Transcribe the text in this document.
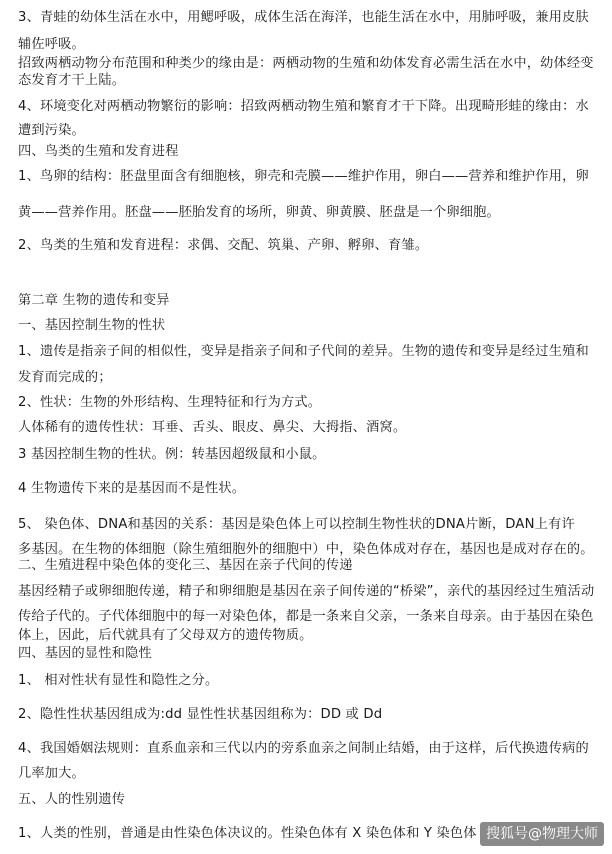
3、青蛙的幼体生活在水中，用鳃呼吸，成体生活在海洋，也能生活在水中，用肺呼吸，兼用皮肤
辅佐呼吸。
招致两栖动物分布范围和种类少的缘由是：两栖动物的生殖和幼体发育必需生活在水中，幼体经变
态发育才干上陆。
4、环境变化对两栖动物繁衍的影响：招致两栖动物生殖和繁育才干下降。出现畸形蛙的缘由：水
遭到污染。
四、鸟类的生殖和发育进程
1、鸟卵的结构：胚盘里面含有细胞核，卵壳和壳膜——维护作用，卵白——营养和维护作用，卵
黄——营养作用。胚盘——胚胎发育的场所，卵黄、卵黄膜、胚盘是一个卵细胞。
2、鸟类的生殖和发育进程：求偶、交配、筑巢、产卵、孵卵、育雏。
第二章 生物的遗传和变异
一、基因控制生物的性状
1、遗传是指亲子间的相似性，变异是指亲子间和子代间的差异。生物的遗传和变异是经过生殖和
发育而完成的；
2、性状：生物的外形结构、生理特征和行为方式。
人体稀有的遗传性状：耳垂、舌头、眼皮、鼻尖、大拇指、酒窝。
3 基因控制生物的性状。例：转基因超级鼠和小鼠。
4 生物遗传下来的是基因而不是性状。
5、 染色体、DNA和基因的关系：基因是染色体上可以控制生物性状的DNA片断，DAN上有许
多基因。在生物的体细胞（除生殖细胞外的细胞中）中，染色体成对存在，基因也是成对存在的。
二、生殖进程中染色体的变化三、基因在亲子代间的传递
基因经精子或卵细胞传递，精子和卵细胞是基因在亲子间传递的“桥梁”，亲代的基因经过生殖活动
传给子代的。子代体细胞中的每一对染色体，都是一条来自父亲，一条来自母亲。由于基因在染色
体上，因此，后代就具有了父母双方的遗传物质。
四、基因的显性和隐性
1、 相对性状有显性和隐性之分。
2、隐性性状基因组成为:dd 显性性状基因组称为：DD 或 Dd
4、我国婚姻法规则：直系血亲和三代以内的旁系血亲之间制止结婚，由于这样，后代换遗传病的
几率加大。
五、人的性别遗传
1、人类的性别，普通是由性染色体决议的。性染色体有 X 染色体和 Y 染色体 搜狐号@物理大师
